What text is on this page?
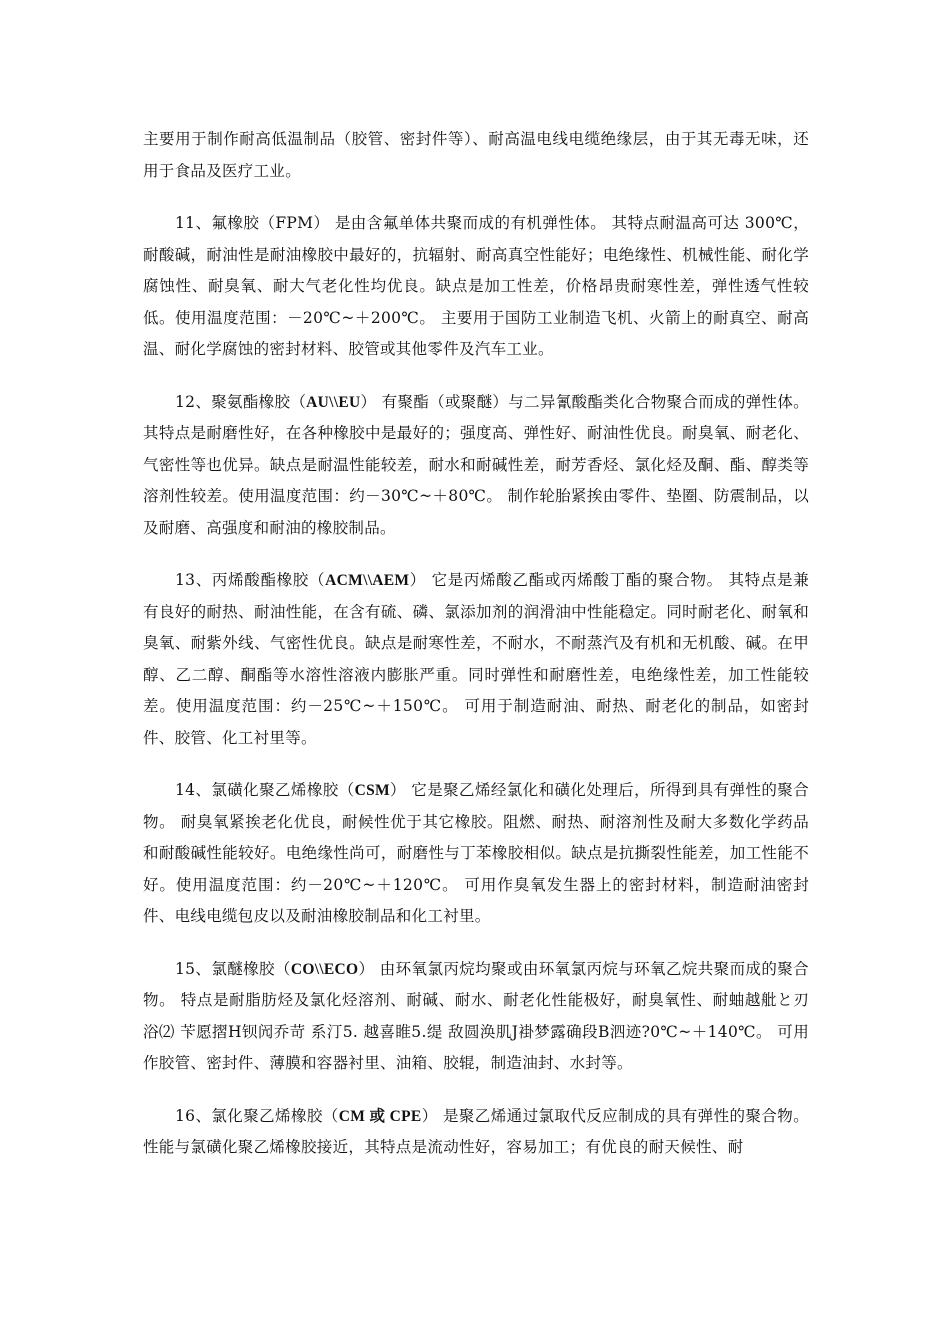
主要用于制作耐高低温制品（胶管、密封件等）、耐高温电线电缆绝缘层，由于其无毒无味，还用于食品及医疗工业。

11、氟橡胶（FPM） 是由含氟单体共聚而成的有机弹性体。 其特点耐温高可达 300℃，耐酸碱，耐油性是耐油橡胶中最好的，抗辐射、耐高真空性能好；电绝缘性、机械性能、耐化学腐蚀性、耐臭氧、耐大气老化性均优良。缺点是加工性差，价格昂贵耐寒性差，弹性透气性较低。使用温度范围：－20℃~＋200℃。 主要用于国防工业制造飞机、火箭上的耐真空、耐高温、耐化学腐蚀的密封材料、胶管或其他零件及汽车工业。

12、聚氨酯橡胶（AU\\EU） 有聚酯（或聚醚）与二异氰酸酯类化合物聚合而成的弹性体。其特点是耐磨性好，在各种橡胶中是最好的；强度高、弹性好、耐油性优良。耐臭氧、耐老化、气密性等也优异。缺点是耐温性能较差，耐水和耐碱性差，耐芳香烃、氯化烃及酮、酯、醇类等溶剂性较差。使用温度范围：约－30℃~＋80℃。 制作轮胎紧挨由零件、垫圈、防震制品，以及耐磨、高强度和耐油的橡胶制品。

13、丙烯酸酯橡胶（ACM\\AEM） 它是丙烯酸乙酯或丙烯酸丁酯的聚合物。 其特点是兼有良好的耐热、耐油性能，在含有硫、磷、氯添加剂的润滑油中性能稳定。同时耐老化、耐氧和臭氧、耐紫外线、气密性优良。缺点是耐寒性差，不耐水，不耐蒸汽及有机和无机酸、碱。在甲醇、乙二醇、酮酯等水溶性溶液内膨胀严重。同时弹性和耐磨性差，电绝缘性差，加工性能较差。使用温度范围：约－25℃~＋150℃。 可用于制造耐油、耐热、耐老化的制品，如密封件、胶管、化工衬里等。

14、氯磺化聚乙烯橡胶（CSM） 它是聚乙烯经氯化和磺化处理后，所得到具有弹性的聚合物。 耐臭氧紧挨老化优良，耐候性优于其它橡胶。阻燃、耐热、耐溶剂性及耐大多数化学药品和耐酸碱性能较好。电绝缘性尚可，耐磨性与丁苯橡胶相似。缺点是抗撕裂性能差，加工性能不好。使用温度范围：约－20℃~＋120℃。 可用作臭氧发生器上的密封材料，制造耐油密封件、电线电缆包皮以及耐油橡胶制品和化工衬里。

15、氯醚橡胶（CO\\ECO） 由环氧氯丙烷均聚或由环氧氯丙烷与环氧乙烷共聚而成的聚合物。 特点是耐脂肪烃及氯化烃溶剂、耐碱、耐水、耐老化性能极好，耐臭氧性、耐蚰越舭と刃浴⑵ 苄愿摺H钡闶乔苛 系汀5. 越喜睢5.缇 敌圆涣肌J褂梦露确段B泗迹?0℃~＋140℃。 可用作胶管、密封件、薄膜和容器衬里、油箱、胶辊，制造油封、水封等。

16、氯化聚乙烯橡胶（CM 或 CPE） 是聚乙烯通过氯取代反应制成的具有弹性的聚合物。性能与氯磺化聚乙烯橡胶接近，其特点是流动性好，容易加工；有优良的耐天候性、耐
